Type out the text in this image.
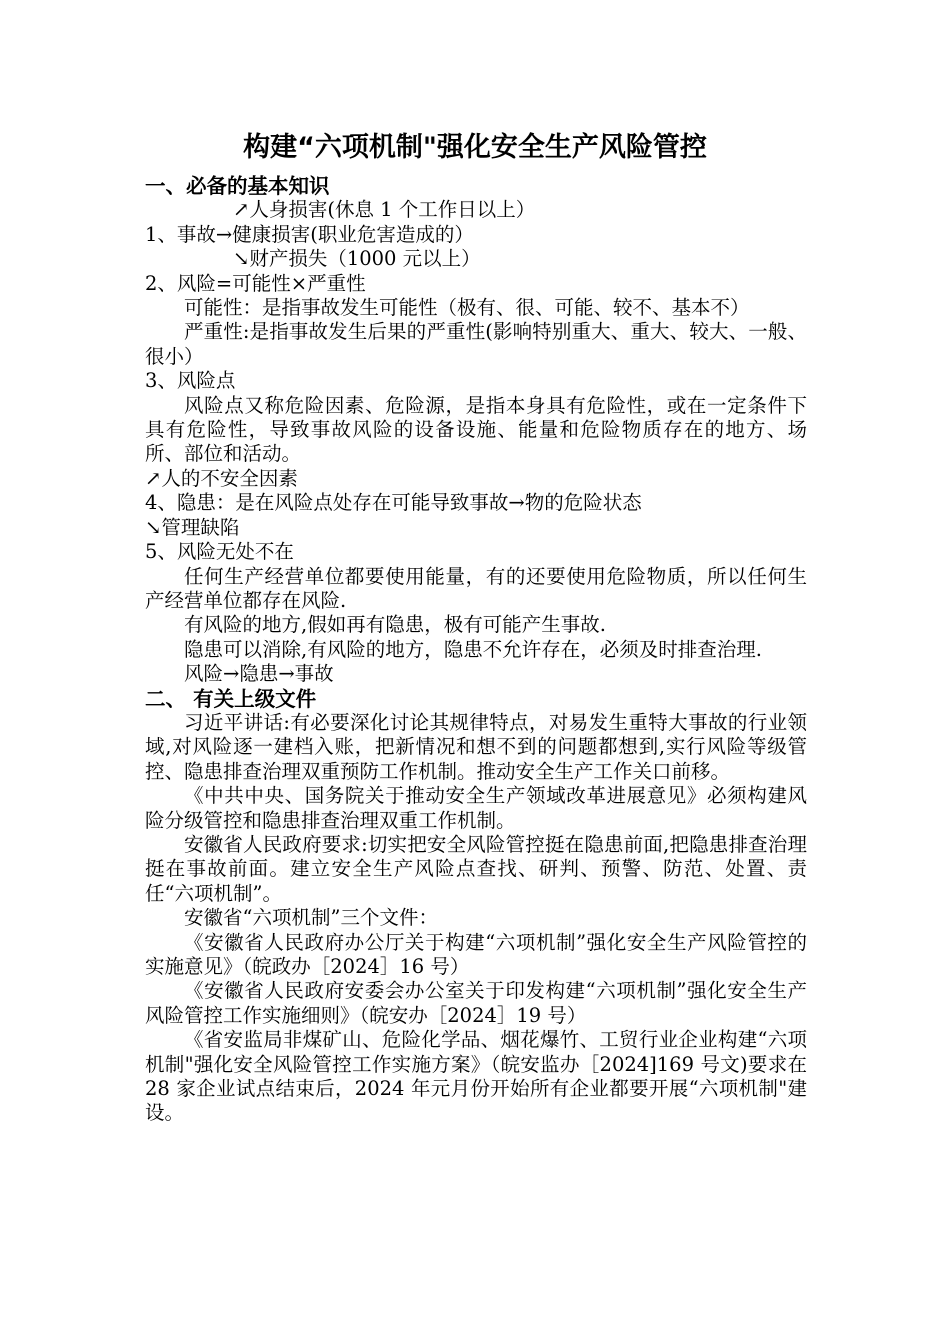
构建“六项机制"强化安全生产风险管控
一、必备的基本知识
↗人身损害(休息 1 个工作日以上）
1、事故→健康损害(职业危害造成的）
↘财产损失（1000 元以上）
2、风险=可能性×严重性
可能性：是指事故发生可能性（极有、很、可能、较不、基本不）
严重性:是指事故发生后果的严重性(影响特别重大、重大、较大、一般、很小）
3、风险点
风险点又称危险因素、危险源，是指本身具有危险性，或在一定条件下具有危险性，导致事故风险的设备设施、能量和危险物质存在的地方、场所、部位和活动。
↗人的不安全因素
4、隐患：是在风险点处存在可能导致事故→物的危险状态
↘管理缺陷
5、风险无处不在
任何生产经营单位都要使用能量，有的还要使用危险物质，所以任何生产经营单位都存在风险.
有风险的地方,假如再有隐患，极有可能产生事故.
隐患可以消除,有风险的地方，隐患不允许存在，必须及时排查治理.
风险→隐患→事故
二、 有关上级文件
习近平讲话:有必要深化讨论其规律特点，对易发生重特大事故的行业领域,对风险逐一建档入账，把新情况和想不到的问题都想到,实行风险等级管控、隐患排查治理双重预防工作机制。推动安全生产工作关口前移。
《中共中央、国务院关于推动安全生产领域改革进展意见》必须构建风险分级管控和隐患排查治理双重工作机制。
安徽省人民政府要求:切实把安全风险管控挺在隐患前面,把隐患排查治理挺在事故前面。建立安全生产风险点查找、研判、预警、防范、处置、责任“六项机制”。
安徽省“六项机制”三个文件：
《安徽省人民政府办公厅关于构建“六项机制”强化安全生产风险管控的实施意见》（皖政办［2024］16 号）
《安徽省人民政府安委会办公室关于印发构建“六项机制”强化安全生产风险管控工作实施细则》（皖安办［2024］19 号）
《省安监局非煤矿山、危险化学品、烟花爆竹、工贸行业企业构建“六项机制"强化安全风险管控工作实施方案》（皖安监办［2024]169 号文)要求在 28 家企业试点结束后，2024 年元月份开始所有企业都要开展“六项机制"建设。
